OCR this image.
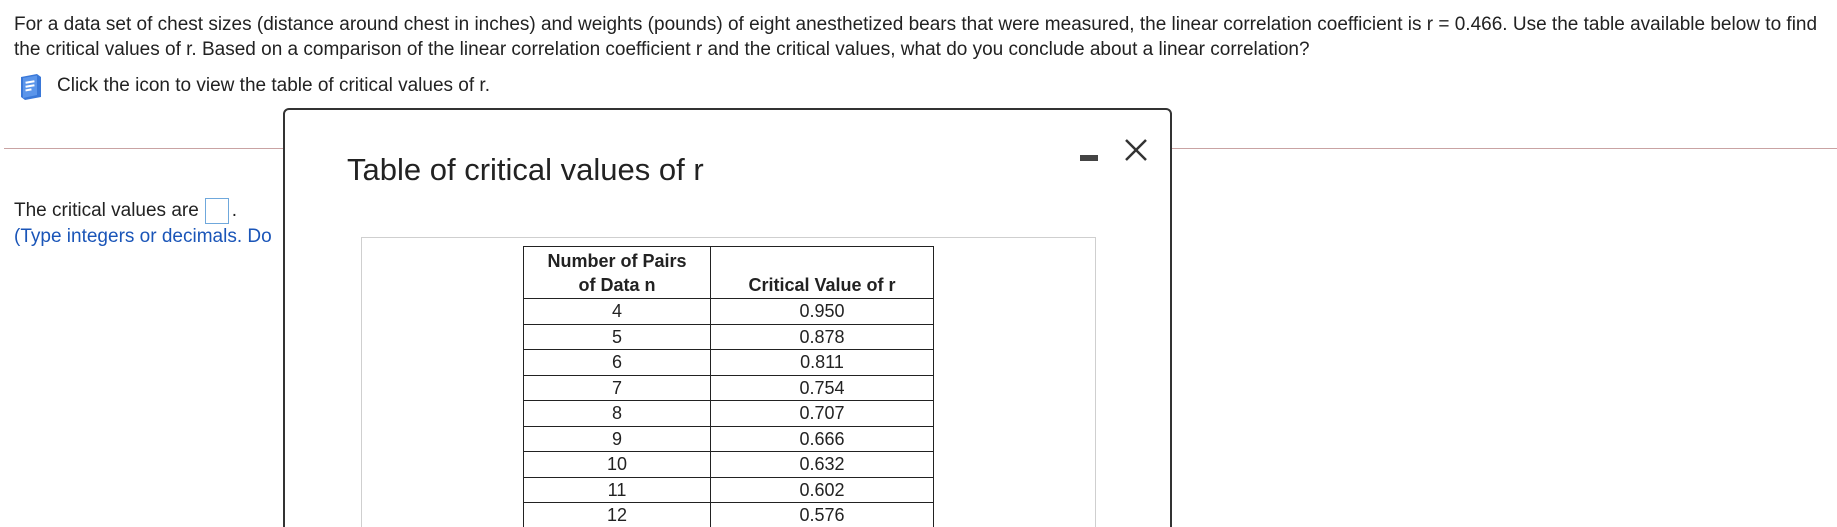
For a data set of chest sizes (distance around chest in inches) and weights (pounds) of eight anesthetized bears that were measured, the linear correlation coefficient is r = 0.466. Use the table available below to find the critical values of r. Based on a comparison of the linear correlation coefficient r and the critical values, what do you conclude about a linear correlation?
Click the icon to view the table of critical values of r.
The critical values are .
(Type integers or decimals. Do
Table of critical values of r
Number of Pairs
of Data n	Critical Value of r
4	0.950
5	0.878
6	0.811
7	0.754
8	0.707
9	0.666
10	0.632
11	0.602
12	0.576
